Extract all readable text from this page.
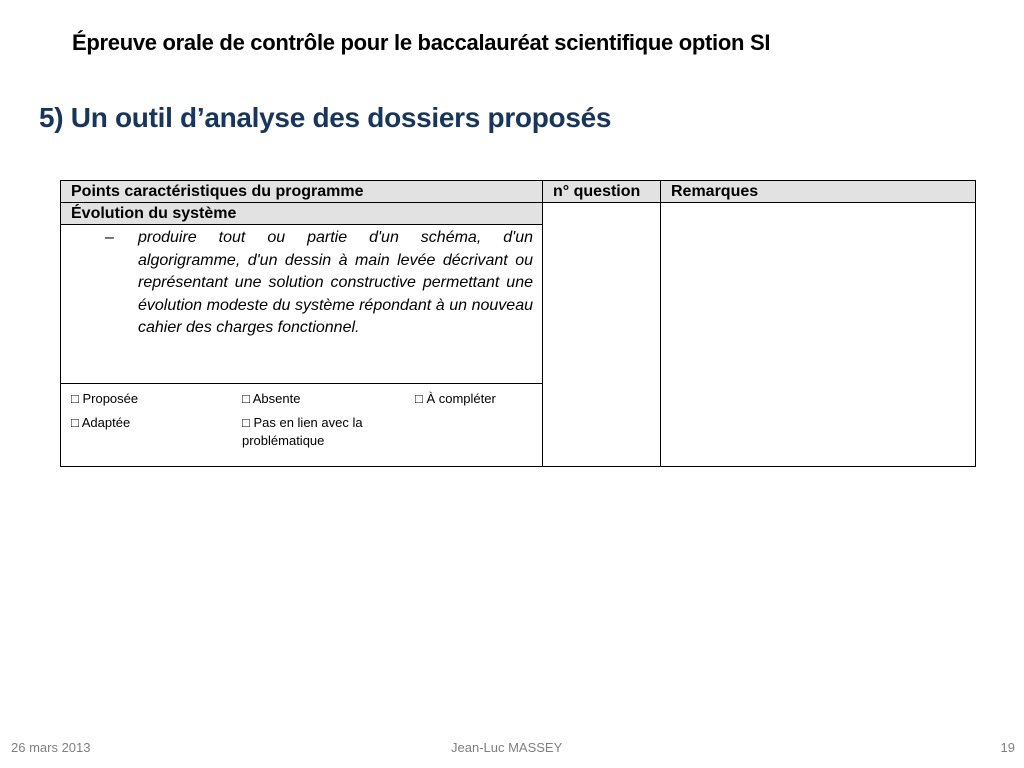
Épreuve orale de contrôle pour le baccalauréat scientifique option SI
5) Un outil d’analyse des dossiers proposés
Points caractéristiques du programme	n° question	Remarques
Évolution du système		

– produire tout ou partie d'un schéma, d'un algorigramme, d'un dessin à main levée décrivant ou représentant une solution constructive permettant une évolution modeste du système répondant à un nouveau cahier des charges fonctionnel.		

□ Proposée □ Absente □ À compléter
□ Adaptée □ Pas en lien avec la problématique		
26 mars 2013	Jean-Luc MASSEY	19
